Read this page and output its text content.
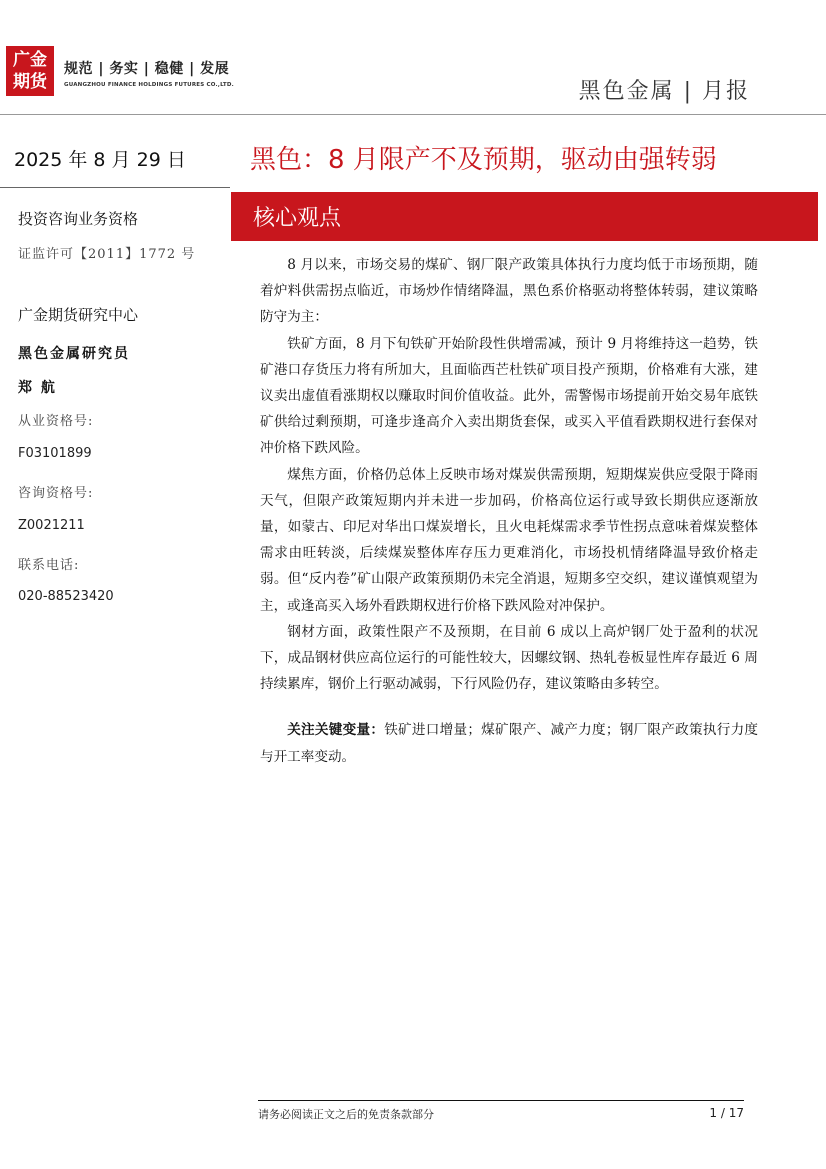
广金期货
规范 | 务实 | 稳健 | 发展
GUANGZHOU FINANCE HOLDINGS FUTURES CO.,LTD.	黑色金属 | 月报
2025 年 8 月 29 日 黑色：8 月限产不及预期，驱动由强转弱
核心观点
投资咨询业务资格
证监许可【2011】1772 号
广金期货研究中心
黑色金属研究员
郑 航
从业资格号:
F03101899
咨询资格号:
Z0021211
联系电话:
020-88523420

8 月以来，市场交易的煤矿、钢厂限产政策具体执行力度均低于市场预期，随着炉料供需拐点临近，市场炒作情绪降温，黑色系价格驱动将整体转弱，建议策略防守为主：

铁矿方面，8 月下旬铁矿开始阶段性供增需减，预计 9 月将维持这一趋势，铁矿港口存货压力将有所加大，且面临西芒杜铁矿项目投产预期，价格难有大涨，建议卖出虚值看涨期权以赚取时间价值收益。此外，需警惕市场提前开始交易年底铁矿供给过剩预期，可逢步逢高介入卖出期货套保，或买入平值看跌期权进行套保对冲价格下跌风险。

煤焦方面，价格仍总体上反映市场对煤炭供需预期，短期煤炭供应受限于降雨天气，但限产政策短期内并未进一步加码，价格高位运行或导致长期供应逐渐放量，如蒙古、印尼对华出口煤炭增长，且火电耗煤需求季节性拐点意味着煤炭整体需求由旺转淡，后续煤炭整体库存压力更难消化，市场投机情绪降温导致价格走弱。但“反内卷”矿山限产政策预期仍未完全消退，短期多空交织，建议谨慎观望为主，或逢高买入场外看跌期权进行价格下跌风险对冲保护。

钢材方面，政策性限产不及预期，在目前 6 成以上高炉钢厂处于盈利的状况下，成品钢材供应高位运行的可能性较大，因螺纹钢、热轧卷板显性库存最近 6 周持续累库，钢价上行驱动减弱，下行风险仍存，建议策略由多转空。

关注关键变量：铁矿进口增量；煤矿限产、减产力度；钢厂限产政策执行力度与开工率变动。

请务必阅读正文之后的免责条款部分	1 / 17
